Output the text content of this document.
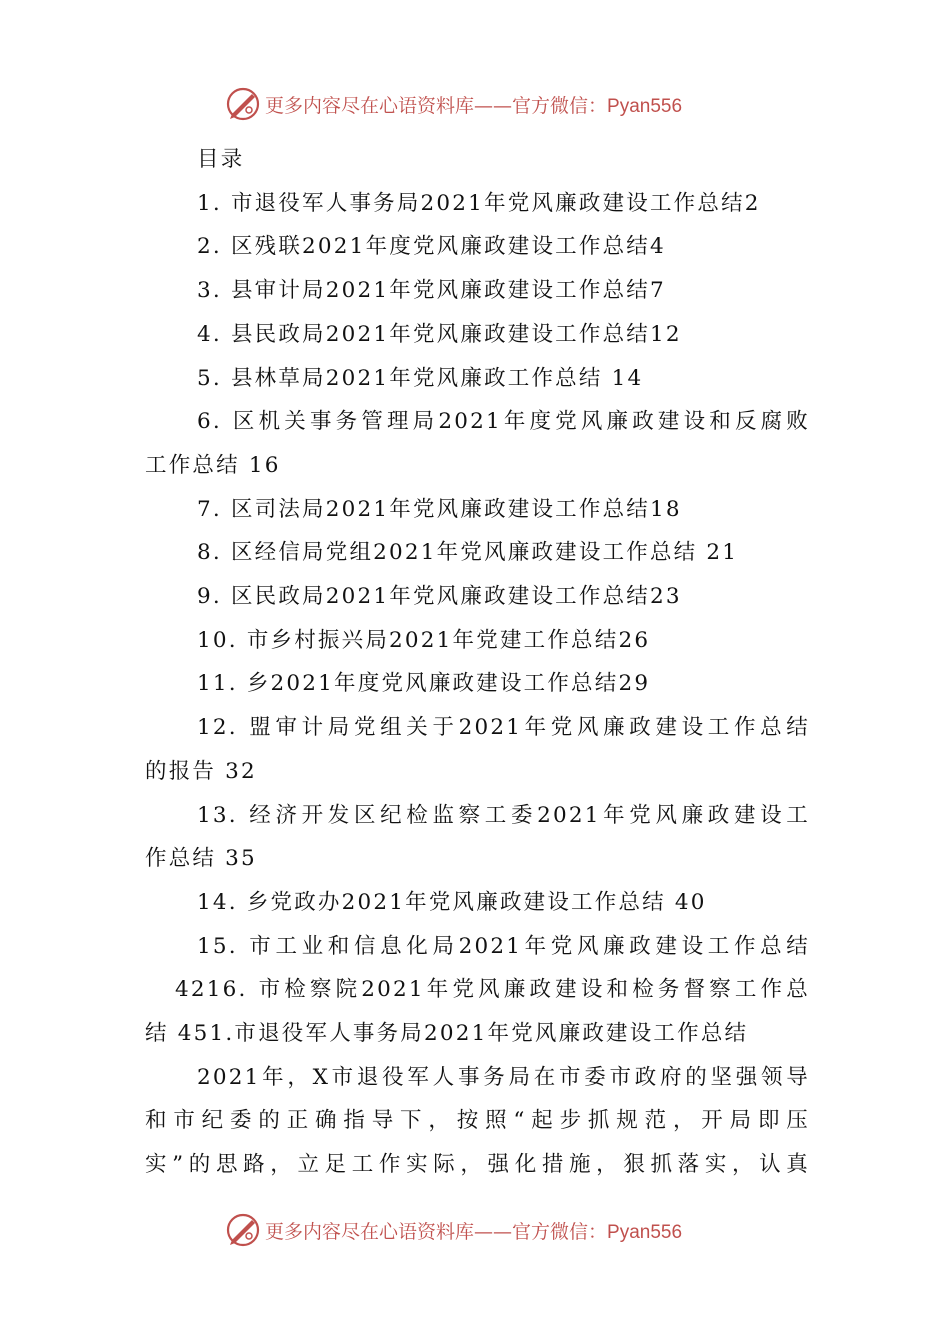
更多内容尽在心语资料库——官方微信：Pyan556

目录

1. 市退役军人事务局2021年党风廉政建设工作总结2

2. 区残联2021年度党风廉政建设工作总结4

3. 县审计局2021年党风廉政建设工作总结7

4. 县民政局2021年党风廉政建设工作总结12

5. 县林草局2021年党风廉政工作总结 14

6. 区机关事务管理局2021年度党风廉政建设和反腐败

工作总结 16

7. 区司法局2021年党风廉政建设工作总结18

8. 区经信局党组2021年党风廉政建设工作总结 21

9. 区民政局2021年党风廉政建设工作总结23

10. 市乡村振兴局2021年党建工作总结26

11. 乡2021年度党风廉政建设工作总结29

12. 盟审计局党组关于2021年党风廉政建设工作总结

的报告 32

13. 经济开发区纪检监察工委2021年党风廉政建设工

作总结 35

14. 乡党政办2021年党风廉政建设工作总结 40

15. 市工业和信息化局2021年党风廉政建设工作总结

4216. 市检察院2021年党风廉政建设和检务督察工作总

结 451.市退役军人事务局2021年党风廉政建设工作总结

2021年，X市退役军人事务局在市委市政府的坚强领导

和市纪委的正确指导下，按照“起步抓规范，开局即压

实”的思路，立足工作实际，强化措施，狠抓落实，认真

更多内容尽在心语资料库——官方微信：Pyan556
